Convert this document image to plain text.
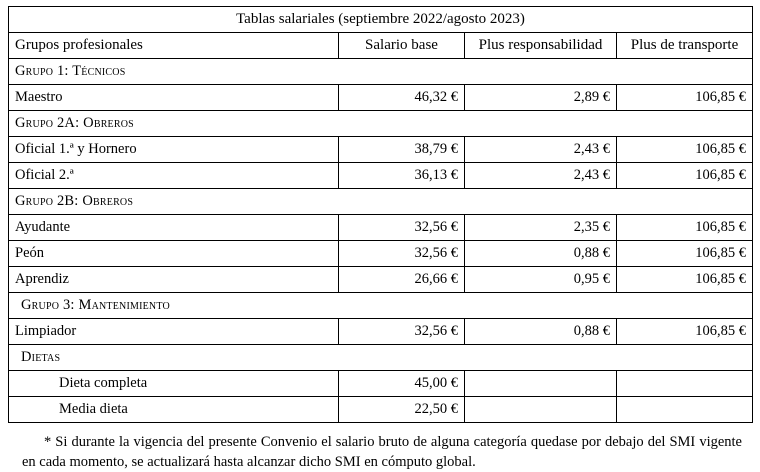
Tablas salariales (septiembre 2022/agosto 2023)			
Grupos profesionales	Salario base	Plus responsabilidad	Plus de transporte
Grupo 1: Técnicos			
Maestro	46,32 €	2,89 €	106,85 €
Grupo 2A: Obreros			
Oficial 1.ª y Hornero	38,79 €	2,43 €	106,85 €
Oficial 2.ª	36,13 €	2,43 €	106,85 €
Grupo 2B: Obreros			
Ayudante	32,56 €	2,35 €	106,85 €
Peón	32,56 €	0,88 €	106,85 €
Aprendiz	26,66 €	0,95 €	106,85 €
Grupo 3: Mantenimiento			
Limpiador	32,56 €	0,88 €	106,85 €
Dietas			
Dieta completa	45,00 €		
Media dieta	22,50 €		

* Si durante la vigencia del presente Convenio el salario bruto de alguna categoría quedase por debajo del SMI vigente en cada momento, se actualizará hasta alcanzar dicho SMI en cómputo global.
